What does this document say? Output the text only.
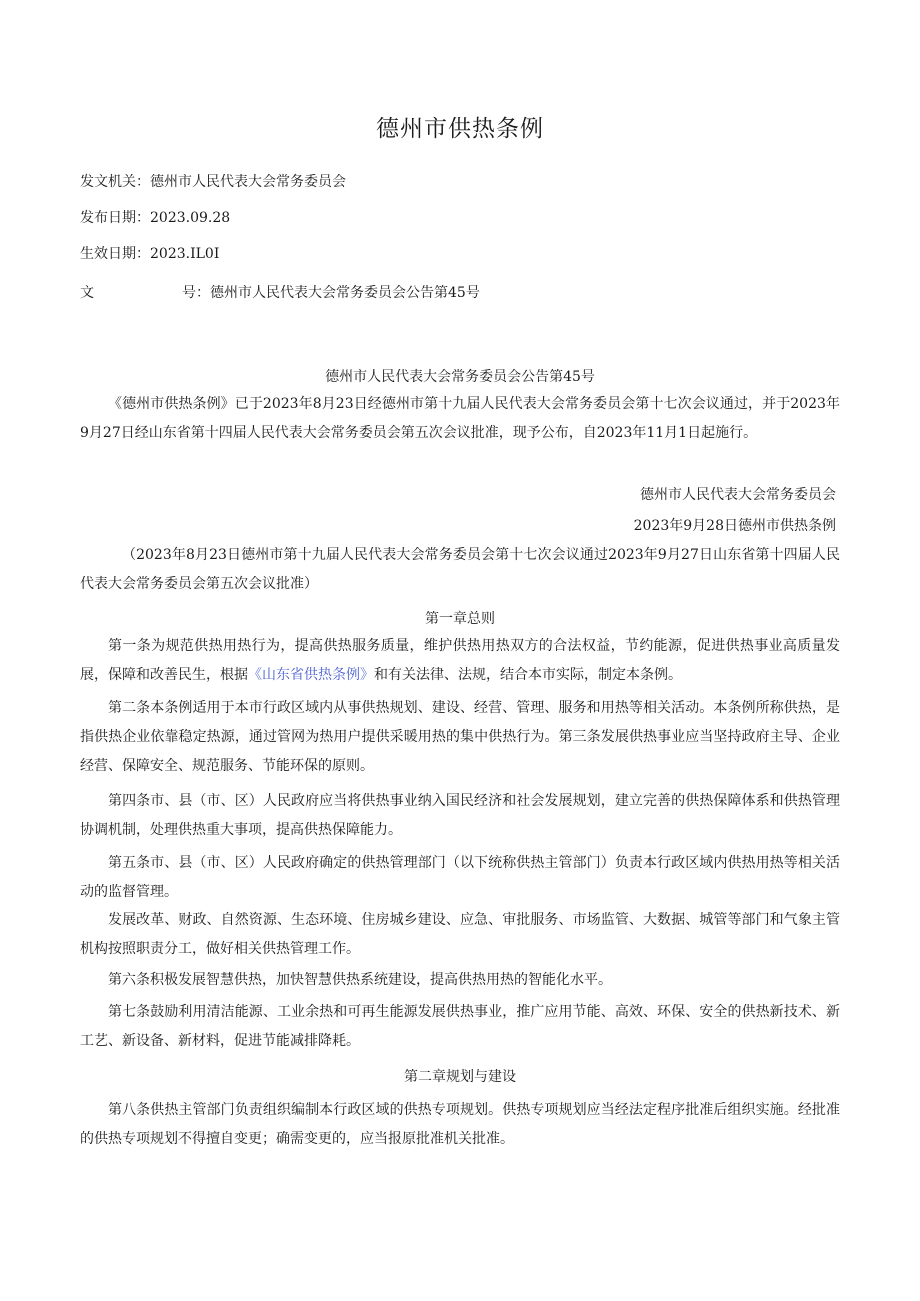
德州市供热条例
发文机关：德州市人民代表大会常务委员会
发布日期：2023.09.28
生效日期：2023.IL0I
文	号：德州市人民代表大会常务委员会公告第45号
德州市人民代表大会常务委员会公告第45号

《德州市供热条例》已于2023年8月23日经德州市第十九届人民代表大会常务委员会第十七次会议通过，并于2023年9月27日经山东省第十四届人民代表大会常务委员会第五次会议批准，现予公布，自2023年11月1日起施行。

德州市人民代表大会常务委员会
2023年9月28日德州市供热条例

（2023年8月23日德州市第十九届人民代表大会常务委员会第十七次会议通过2023年9月27日山东省第十四届人民代表大会常务委员会第五次会议批准）

第一章总则

第一条为规范供热用热行为，提高供热服务质量，维护供热用热双方的合法权益，节约能源，促进供热事业高质量发展，保障和改善民生，根据《山东省供热条例》和有关法律、法规，结合本市实际，制定本条例。

第二条本条例适用于本市行政区域内从事供热规划、建设、经营、管理、服务和用热等相关活动。本条例所称供热，是指供热企业依靠稳定热源，通过管网为热用户提供采暖用热的集中供热行为。第三条发展供热事业应当坚持政府主导、企业经营、保障安全、规范服务、节能环保的原则。

第四条市、县（市、区）人民政府应当将供热事业纳入国民经济和社会发展规划，建立完善的供热保障体系和供热管理协调机制，处理供热重大事项，提高供热保障能力。

第五条市、县（市、区）人民政府确定的供热管理部门（以下统称供热主管部门）负责本行政区域内供热用热等相关活动的监督管理。

发展改革、财政、自然资源、生态环境、住房城乡建设、应急、审批服务、市场监管、大数据、城管等部门和气象主管机构按照职责分工，做好相关供热管理工作。

第六条积极发展智慧供热，加快智慧供热系统建设，提高供热用热的智能化水平。

第七条鼓励利用清洁能源、工业余热和可再生能源发展供热事业，推广应用节能、高效、环保、安全的供热新技术、新工艺、新设备、新材料，促进节能减排降耗。

第二章规划与建设

第八条供热主管部门负责组织编制本行政区域的供热专项规划。供热专项规划应当经法定程序批准后组织实施。经批准的供热专项规划不得擅自变更；确需变更的，应当报原批准机关批准。
